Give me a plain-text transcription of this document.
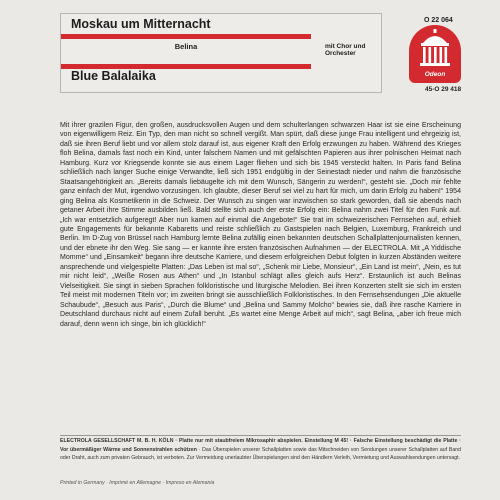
Moskau um Mitternacht
Belina	mit Chor und Orchester
Blue Balalaika
O 22 064
Odeon
45-O 29 418
Mit ihrer grazilen Figur, den großen, ausdrucksvollen Augen und dem schulterlangen schwarzen Haar ist sie eine Erscheinung von eigenwilligem Reiz. Ein Typ, den man nicht so schnell vergißt. Man spürt, daß diese junge Frau intelligent und ehrgeizig ist, daß sie ihren Beruf liebt und vor allem stolz darauf ist, aus eigener Kraft den Erfolg erzwungen zu haben. Während des Krieges floh Belina, damals fast noch ein Kind, unter falschem Namen und mit gefälschten Papieren aus ihrer polnischen Heimat nach Hamburg. Kurz vor Kriegsende konnte sie aus einem Lager fliehen und sich bis 1945 versteckt halten. In Paris fand Belina schließlich nach langer Suche einige Verwandte, ließ sich 1951 endgültig in der Seinestadt nieder und nahm die französische Staatsangehörigkeit an. „Bereits damals liebäugelte ich mit dem Wunsch, Sängerin zu werden!“, gesteht sie. „Doch mir fehlte ganz einfach der Mut, irgendwo vorzusingen. Ich glaubte, dieser Beruf sei viel zu hart für mich, um darin Erfolg zu haben!“ 1954 ging Belina als Kosmetikerin in die Schweiz. Der Wunsch zu singen war inzwischen so stark geworden, daß sie abends nach getaner Arbeit ihre Stimme ausbilden ließ. Bald stellte sich auch der erste Erfolg ein: Belina nahm zwei Titel für den Funk auf. „Ich war entsetzlich aufgeregt! Aber nun kamen auf einmal die Angebote!“ Sie trat im schweizerischen Fernsehen auf, erhielt gute Engagements für bekannte Kabaretts und reiste schließlich zu Gastspielen nach Belgien, Luxemburg, Frankreich und Berlin. Im D-Zug von Brüssel nach Hamburg lernte Belina zufällig einen bekannten deutschen Schallplattenjournalisten kennen, und der ebnete ihr den Weg. Sie sang — er kannte ihre ersten französischen Aufnahmen — der ELECTROLA. Mit „A Yiddische Momme“ und „Einsamkeit“ begann ihre deutsche Karriere, und diesem erfolgreichen Debut folgten in kurzen Abständen weitere ansprechende und vielgespielte Platten: „Das Leben ist mal so“, „Schenk mir Liebe, Monsieur“, „Ein Land ist mein“, „Nein, es tut mir nicht leid“, „Weiße Rosen aus Athen“ und „In Istanbul schlägt alles gleich aufs Herz“. Erstaunlich ist auch Belinas Vielseitigkeit. Sie singt in sieben Sprachen folkloristische und liturgische Melodien. Bei ihren Konzerten stellt sie sich im ersten Teil meist mit modernen Titeln vor; im zweiten bringt sie ausschließlich Folkloristisches. In den Fernsehsendungen „Die aktuelle Schaubude“, „Besuch aus Paris“, „Durch die Blume“ und „Belina und Sammy Molcho“ bewies sie, daß ihre rasche Karriere in Deutschland durchaus nicht auf einem Zufall beruht. „Es wartet eine Menge Arbeit auf mich“, sagt Belina, „aber ich freue mich darauf, denn wenn ich singe, bin ich glücklich!“
ELECTROLA GESELLSCHAFT M. B. H. KÖLN · Platte nur mit staubfreiem Mikrosaphir abspielen. Einstellung M 45! · Falsche Einstellung beschädigt die Platte · Vor übermäßiger Wärme und Sonnenstrahlen schützen · Das Überspielen unserer Schallplatten sowie das Mitschneiden von Sendungen unserer Schallplatten auf Band oder Draht, auch zum privaten Gebrauch, ist verboten. Zur Vermeidung unerlaubter Überspielungen sind den Händlern Verleih, Vermietung und Auswahlsendungen untersagt.
Printed in Germany · Imprimé en Allemagne · Impreso en Alemania
